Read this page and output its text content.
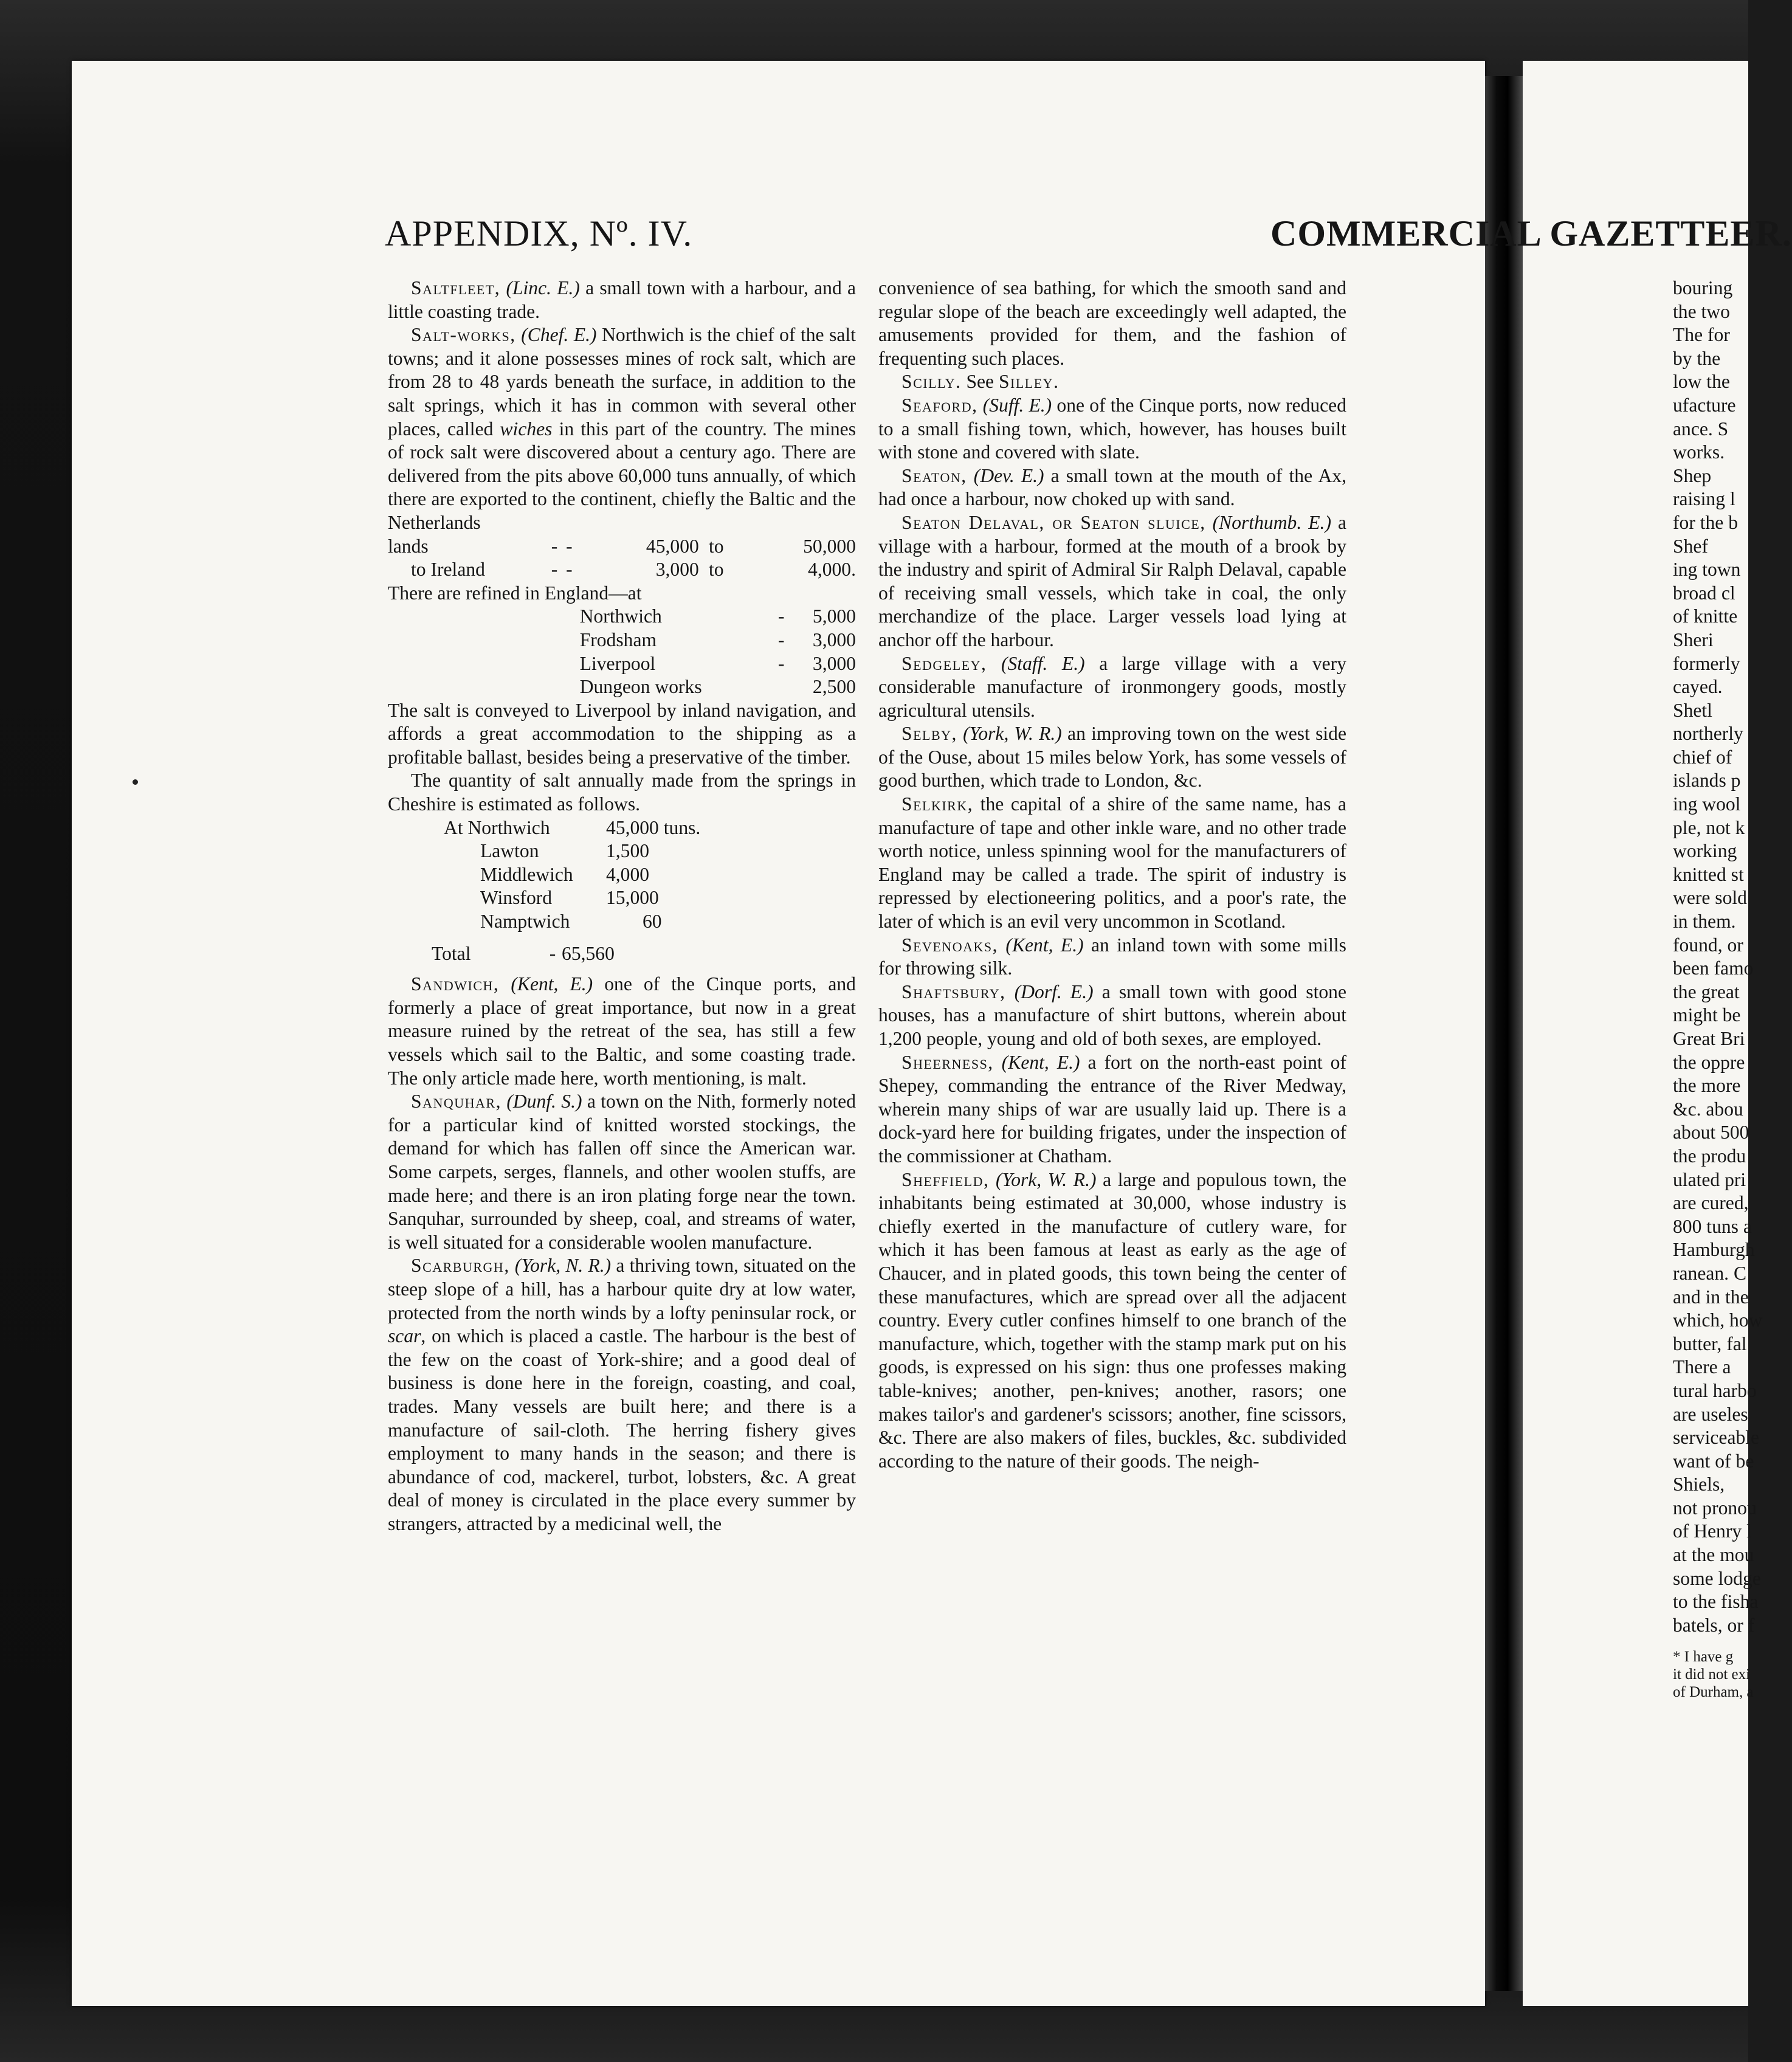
APPENDIX, Nº. IV.	COMMERCIAL GAZETTEER.

Saltfleet, (Linc. E.) a small town with a harbour, and a little coasting trade.

Salt-works, (Chef. E.) Northwich is the chief of the salt towns; and it alone possesses mines of rock salt, which are from 28 to 48 yards beneath the surface, in addition to the salt springs, which it has in common with several other places, called wiches in this part of the country. The mines of rock salt were discovered about a century ago. There are delivered from the pits above 60,000 tuns annually, of which there are exported to the continent, chiefly the Baltic and the Netherlands

lands	-	-	45,000	to	50,000
to Ireland	-	-	3,000	to	4,000.

There are refined in England—at

	Northwich	-	5,000
	Frodsham	-	3,000
	Liverpool	-	3,000
	Dungeon works		2,500

The salt is conveyed to Liverpool by inland navigation, and affords a great accommodation to the shipping as a profitable ballast, besides being a preservative of the timber.

The quantity of salt annually made from the springs in Cheshire is estimated as follows.

At Northwich	45,000 tuns.
Lawton	1,500
Middlewich	4,000
Winsford	15,000
Namptwich	60
Total	-	65,560

Sandwich, (Kent, E.) one of the Cinque ports, and formerly a place of great importance, but now in a great measure ruined by the retreat of the sea, has still a few vessels which sail to the Baltic, and some coasting trade. The only article made here, worth mentioning, is malt.

Sanquhar, (Dunf. S.) a town on the Nith, formerly noted for a particular kind of knitted worsted stockings, the demand for which has fallen off since the American war. Some carpets, serges, flannels, and other woolen stuffs, are made here; and there is an iron plating forge near the town. Sanquhar, surrounded by sheep, coal, and streams of water, is well situated for a considerable woolen manufacture.

Scarburgh, (York, N. R.) a thriving town, situated on the steep slope of a hill, has a harbour quite dry at low water, protected from the north winds by a lofty peninsular rock, or scar, on which is placed a castle. The harbour is the best of the few on the coast of York-shire; and a good deal of business is done here in the foreign, coasting, and coal, trades. Many vessels are built here; and there is a manufacture of sail-cloth. The herring fishery gives employment to many hands in the season; and there is abundance of cod, mackerel, turbot, lobsters, &c. A great deal of money is circulated in the place every summer by strangers, attracted by a medicinal well, the

convenience of sea bathing, for which the smooth sand and regular slope of the beach are exceedingly well adapted, the amusements provided for them, and the fashion of frequenting such places.

Scilly. See Silley.

Seaford, (Suff. E.) one of the Cinque ports, now reduced to a small fishing town, which, however, has houses built with stone and covered with slate.

Seaton, (Dev. E.) a small town at the mouth of the Ax, had once a harbour, now choked up with sand.

Seaton Delaval, or Seaton sluice, (Northumb. E.) a village with a harbour, formed at the mouth of a brook by the industry and spirit of Admiral Sir Ralph Delaval, capable of receiving small vessels, which take in coal, the only merchandize of the place. Larger vessels load lying at anchor off the harbour.

Sedgeley, (Staff. E.) a large village with a very considerable manufacture of ironmongery goods, mostly agricultural utensils.

Selby, (York, W. R.) an improving town on the west side of the Ouse, about 15 miles below York, has some vessels of good burthen, which trade to London, &c.

Selkirk, the capital of a shire of the same name, has a manufacture of tape and other inkle ware, and no other trade worth notice, unless spinning wool for the manufacturers of England may be called a trade. The spirit of industry is repressed by electioneering politics, and a poor's rate, the later of which is an evil very uncommon in Scotland.

Sevenoaks, (Kent, E.) an inland town with some mills for throwing silk.

Shaftsbury, (Dorf. E.) a small town with good stone houses, has a manufacture of shirt buttons, wherein about 1,200 people, young and old of both sexes, are employed.

Sheerness, (Kent, E.) a fort on the north-east point of Shepey, commanding the entrance of the River Medway, wherein many ships of war are usually laid up. There is a dock-yard here for building frigates, under the inspection of the commissioner at Chatham.

Sheffield, (York, W. R.) a large and populous town, the inhabitants being estimated at 30,000, whose industry is chiefly exerted in the manufacture of cutlery ware, for which it has been famous at least as early as the age of Chaucer, and in plated goods, this town being the center of these manufactures, which are spread over all the adjacent country. Every cutler confines himself to one branch of the manufacture, which, together with the stamp mark put on his goods, is expressed on his sign: thus one professes making table-knives; another, pen-knives; another, rasors; one makes tailor's and gardener's scissors; another, fine scissors, &c. There are also makers of files, buckles, &c. subdivided according to the nature of their goods. The neigh-

bouring

the two

The for

by the

low the

ufacture

ance. S

works.

Shep

raising l

for the b

Shef

ing town

broad cl

of knitte

Sheri

formerly

cayed.

Shetl

northerly

chief of

islands p

ing wool

ple, not k

working

knitted st

were sold

in them.

found, or

been famo

the great

might be

Great Bri

the oppre

the more

&c. abou

about 500

the produ

ulated pri

are cured,

800 tuns a

Hamburgh

ranean. C

and in the

which, how

butter, fal

There a

tural harbo

are useles

serviceable

want of be

Shiels,

not pronou

of Henry l

at the mou

some lodge

to the fisha

batels, or f

* I have g

it did not exi

of Durham, a
